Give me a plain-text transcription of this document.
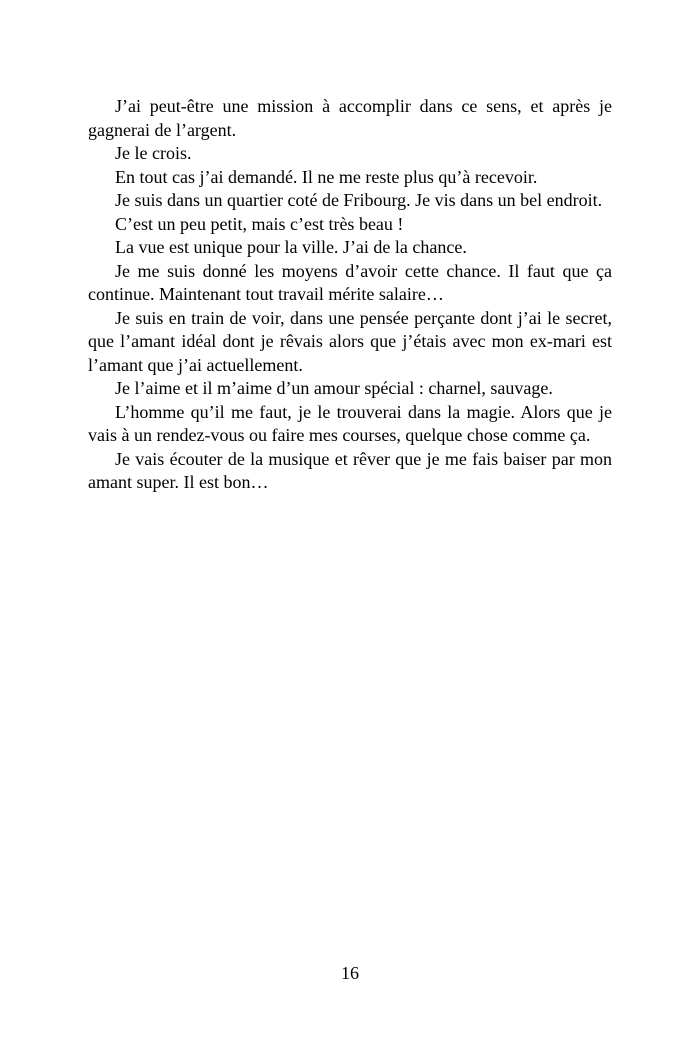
J’ai peut-être une mission à accomplir dans ce sens, et après je gagnerai de l’argent.

Je le crois.

En tout cas j’ai demandé. Il ne me reste plus qu’à recevoir.

Je suis dans un quartier coté de Fribourg. Je vis dans un bel endroit.

C’est un peu petit, mais c’est très beau !

La vue est unique pour la ville. J’ai de la chance.

Je me suis donné les moyens d’avoir cette chance. Il faut que ça continue. Maintenant tout travail mérite salaire…

Je suis en train de voir, dans une pensée perçante dont j’ai le secret, que l’amant idéal dont je rêvais alors que j’étais avec mon ex-mari est l’amant que j’ai actuellement.

Je l’aime et il m’aime d’un amour spécial : charnel, sauvage.

L’homme qu’il me faut, je le trouverai dans la magie. Alors que je vais à un rendez-vous ou faire mes courses, quelque chose comme ça.

Je vais écouter de la musique et rêver que je me fais baiser par mon amant super. Il est bon…

16
